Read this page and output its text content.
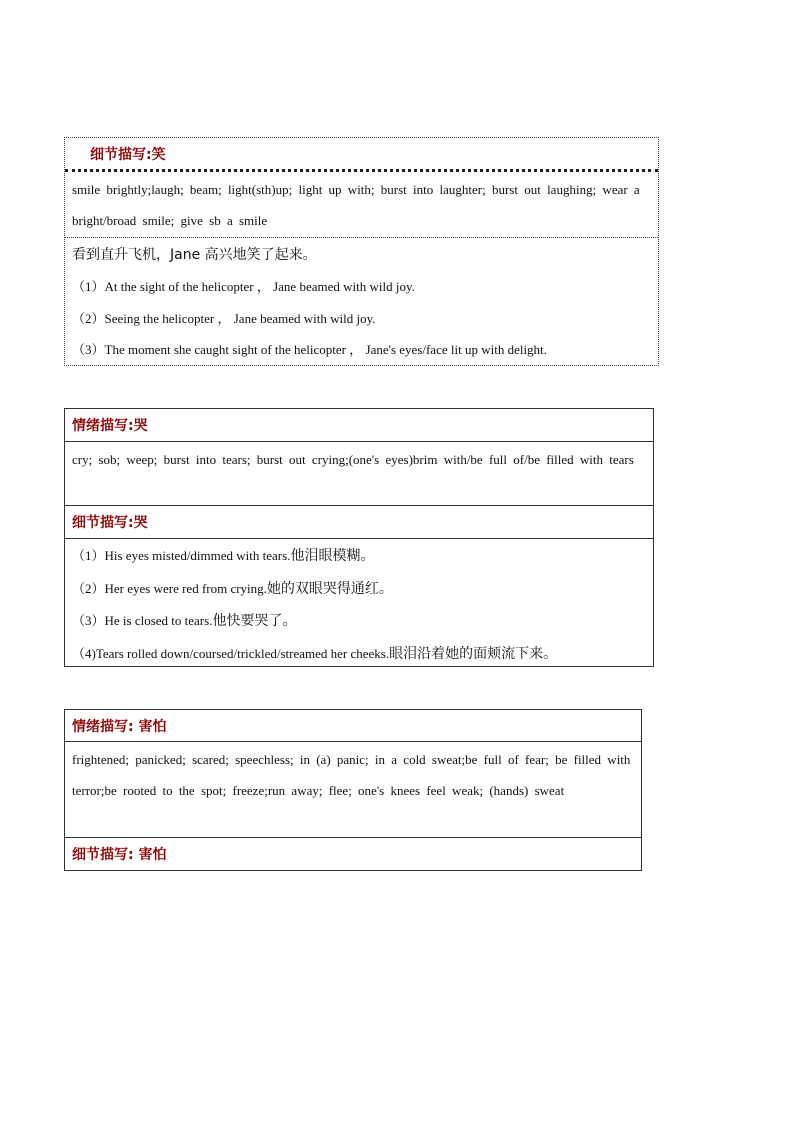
细节描写:笑
smile brightly;laugh; beam; light(sth)up; light up with; burst into laughter; burst out laughing; wear a bright/broad smile; give sb a smile
看到直升飞机，Jane 高兴地笑了起来。
（1）At the sight of the helicopter ， Jane beamed with wild joy.
（2）Seeing the helicopter ， Jane beamed with wild joy.
（3）The moment she caught sight of the helicopter ， Jane's eyes/face lit up with delight.
情绪描写:哭
cry; sob; weep; burst into tears; burst out crying;(one's eyes)brim with/be full of/be filled with tears
细节描写:哭
（1）His eyes misted/dimmed with tears.他泪眼模糊。
（2）Her eyes were red from crying.她的双眼哭得通红。
（3）He is closed to tears.他快要哭了。
（4)Tears rolled down/coursed/trickled/streamed her cheeks.眼泪沿着她的面颊流下来。
情绪描写: 害怕
frightened; panicked; scared; speechless; in (a) panic; in a cold sweat;be full of fear; be filled with terror;be rooted to the spot; freeze;run away; flee; one's knees feel weak; (hands) sweat
细节描写: 害怕
